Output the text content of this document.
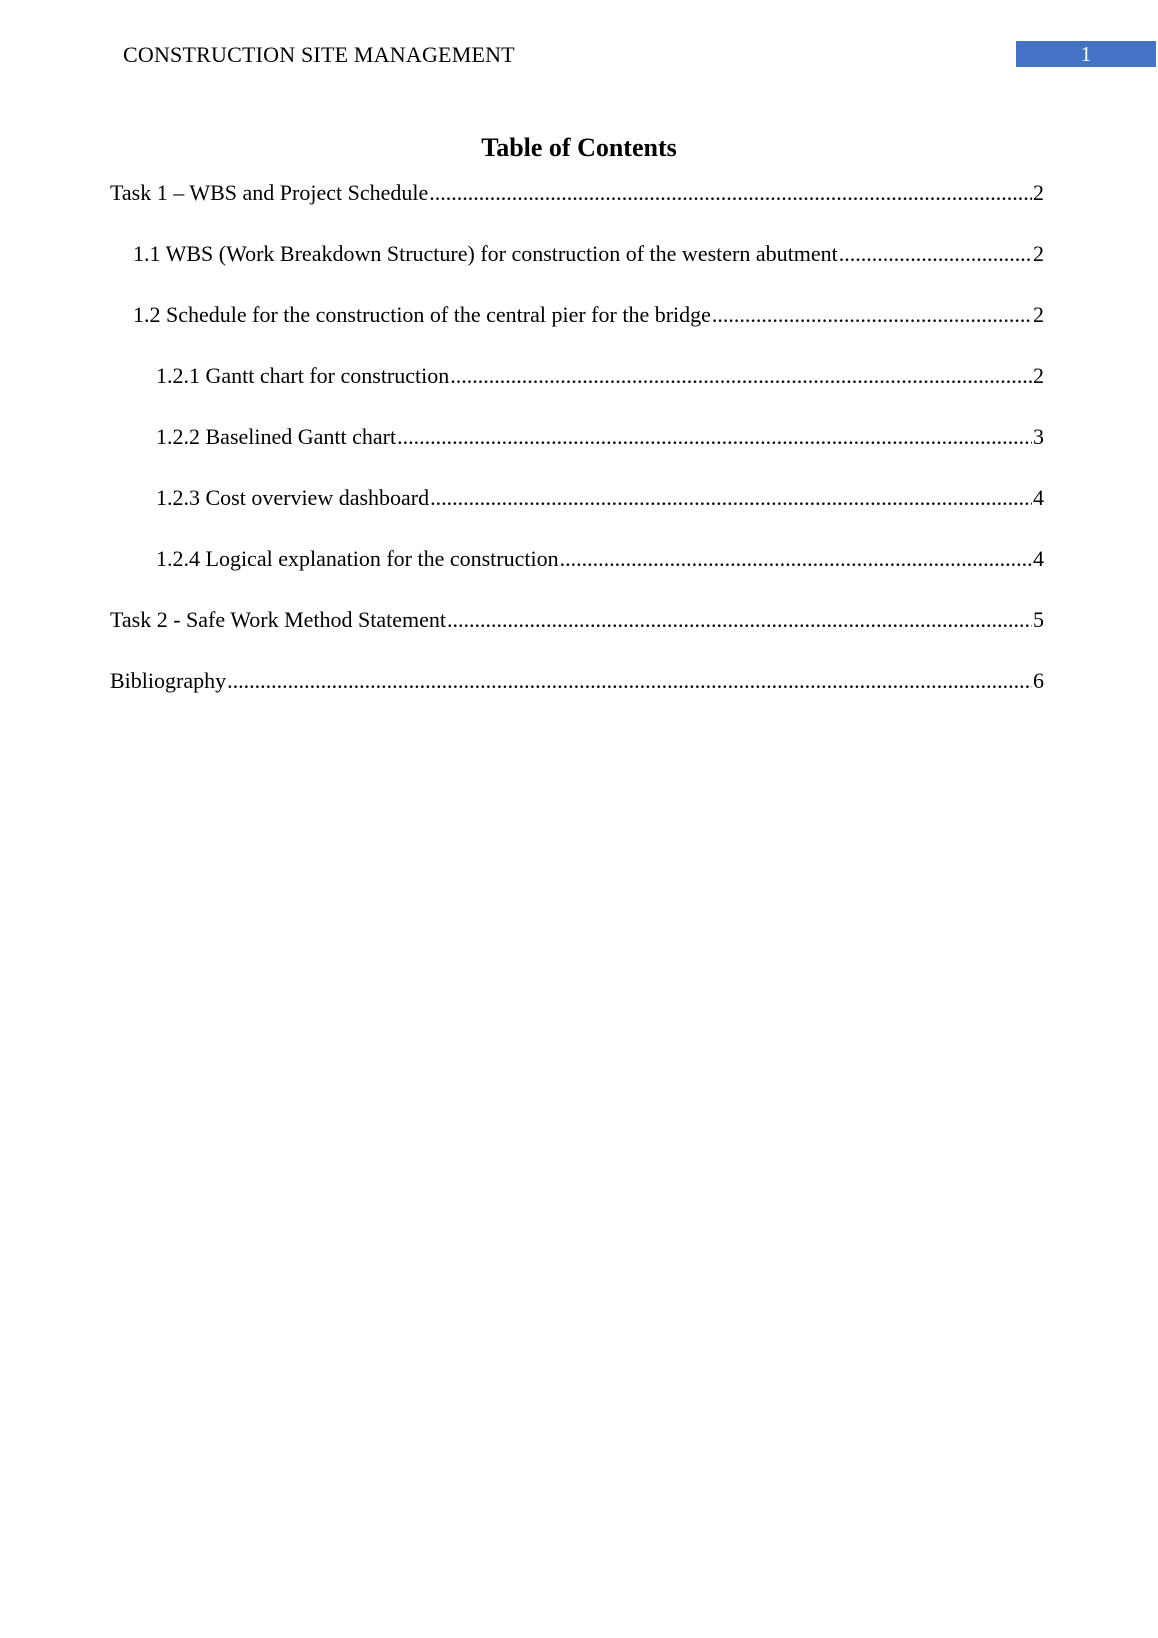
CONSTRUCTION SITE MANAGEMENT	1
Table of Contents
Task 1 – WBS and Project Schedule .....	2
1.1 WBS (Work Breakdown Structure) for construction of the western abutment .....	2
1.2 Schedule for the construction of the central pier for the bridge .....	2
1.2.1 Gantt chart for construction .....	2
1.2.2 Baselined Gantt chart .....	3
1.2.3 Cost overview dashboard .....	4
1.2.4 Logical explanation for the construction .....	4
Task 2 - Safe Work Method Statement .....	5
Bibliography .....	6
